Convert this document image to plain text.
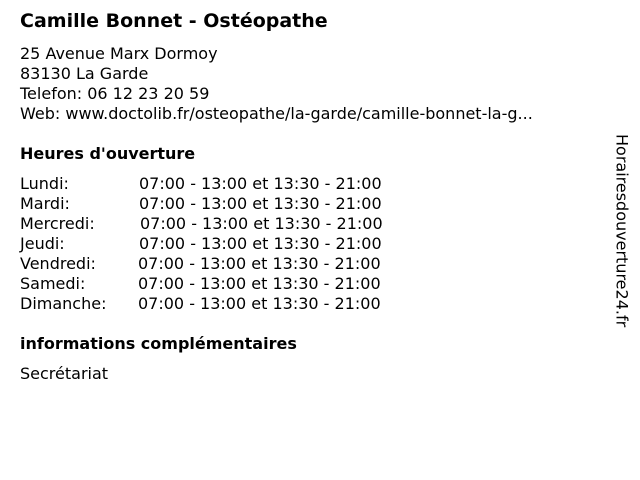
Camille Bonnet - Ostéopathe
25 Avenue Marx Dormoy
83130 La Garde
Telefon: 06 12 23 20 59
Web: www.doctolib.fr/osteopathe/la-garde/camille-bonnet-la-g...
Heures d'ouverture
Lundi:	07:00 - 13:00 et 13:30 - 21:00
Mardi:	07:00 - 13:00 et 13:30 - 21:00
Mercredi:	07:00 - 13:00 et 13:30 - 21:00
Jeudi:	07:00 - 13:00 et 13:30 - 21:00
Vendredi:	07:00 - 13:00 et 13:30 - 21:00
Samedi:	07:00 - 13:00 et 13:30 - 21:00
Dimanche: 07:00 - 13:00 et 13:30 - 21:00
informations complémentaires
Secrétariat
Horairesdouverture24.fr
